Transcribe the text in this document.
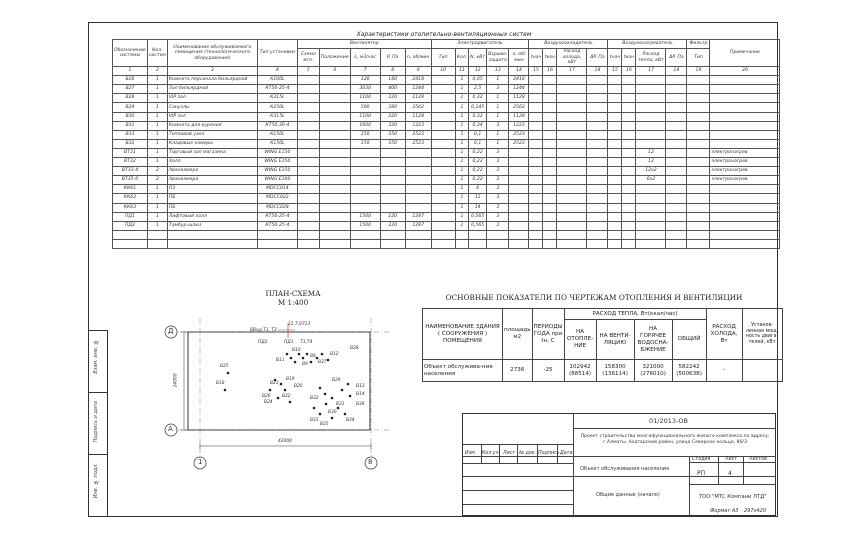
Взам. инв. №
Подпись и дата
Инв. № подл.
Характеристики отопительно-вентиляционных систем
Обозначение системы	Кол. систем	Наименование обслуживаемого помещения (технологического оборудования)	Тип установки	Вентилятор					Электродвигатель					Воздухоохладитель				Воздухонагреватель				Фильтр	Примечание
				Схема исп.	Положение	L, м3/час	P, Па	n, об/мин	Тип	Кол.	N, кВт	Взрыво-защита	n, об/мин	tнач	tкон	Расход холода, кВт	ΔP, Па	tнач	tкон	Расход тепла, кВт	ΔP, Па	Тип	
1	2	3	4	5	6	7	8	9	10	11	12	13	14	15	16	17	18	15	16	17	18	19	20
В26	1	Комната персонала бильярдной	К100L			120	180	2418		1	0,05	1	2418										
В27	1	Зал бильярдной	КТ50-25-4			3030	400	1244		1	2,5	3	1244										
В28	1	VIP зал	К315L			1100	320	1128		1	0,32	1	1128										
В29	1	Санузлы	К250L			500	380	2562		1	0,145	1	2562										
В30	1	VIP зал	К315L			1100	320	1128		1	0,32	1	1128										
В31	1	Комната для курения	КТ50-30-4			1600	320	1223		1	0,34	3	1223										
В33	1	Тепловой узел	К150L			150	350	2523		1	0,1	1	2523										
В32	1	Кладовые камеры	К150L			150	350	2523		1	0,1	1	2523										
ВТ31	1	Торговый зал магазина	WING Е150							1	0,22	3								12			электронагрев
ВТ32	1	Холл	WING Е150							1	0,22	3								12			электронагрев
ВТ33-4	2	Аванкамера	WING Е150							1	0,22	3								12х2			электронагрев
ВТ35-6	2	Аванкамера	WING Е100							1	0,22	3								6х2			электронагрев
КК61	1	ПЗ	MDCC014							1	6	3											
КК62	1	ПБ	MDCC022							1	11	3											
КК63	1	ПБ	MDCC028							1	14	3											
ПД1	1	Лифтовый холл	КТ50-25-4			1500	220	1287		1	0,565	3											
ПД2	1	Тамбур-шлюз	КТ50-25-4			1500	220	1287		1	0,565	3											

ПЛАН-СХЕМА
М 1:400
Д
А
1	8
42000
24000
21.7,0713
ВВод Т1, Т2
ПД1
ПД2	Т3,Т4
В25
В18
В28
В29
В26
В21
В22
В24
В19
В20
В30
В27
В31
В32
В33	В34
В35
В36
В8
В9
В10
В11
В12
В13
В14
ОСНОВНЫЕ ПОКАЗАТЕЛИ ПО ЧЕРТЕЖАМ ОТОПЛЕНИЯ И ВЕНТИЛЯЦИИ
НАИМЕНОВАНИЕ ЗДАНИЯ ( СООРУЖЕНИЯ ) ПОМЕЩЕНИЯ	площадь м2	ПЕРИОДЫ ГОДА при tн, С	РАСХОД ТЕПЛА, Вт(ккал/час)				РАСХОД ХОЛОДА, Вт	Установ-ленная мощ-ность двига-телей, кВт
			НА ОТОПЛЕ-НИЕ	НА ВЕНТИ-ЛЯЦИЮ	НА ГОРЯЧЕЕ ВОДОСНА-БЖЕНИЕ	ОБЩИЙ		
Объект обслужива-ния населения	2736	-25	102942 (88514)	158300 (136114)	321000 (276010)	582242 (500638)	-	
Изм. Кол.уч Лист № док. Подпись Дата
01/2013-ОВ
Проект строительства многофункционального жилого комплекса по адресу: г.Алматы, Ахатарский район, улица Северное кольцо, 86/3
Объект обслуживания населения
Общие данные (начало)	ТОО "МТС Компани ЛТД"
Стадия	Лист Листов
РП	4
Формат А3 297х420
